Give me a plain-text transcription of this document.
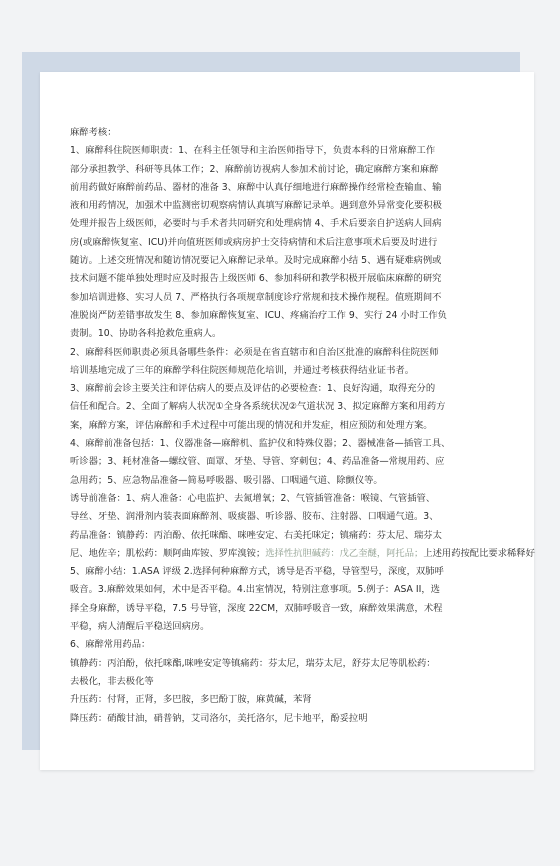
麻醉考核：
1、麻醉科住院医师职责：1、在科主任领导和主治医师指导下，负责本科的日常麻醉工作
部分承担教学、科研等具体工作；2、麻醉前访视病人参加术前讨论，确定麻醉方案和麻醉
前用药做好麻醉前药品、器材的准备 3、麻醉中认真仔细地进行麻醉操作经常检查输血、输
液和用药情况，加强术中监测密切观察病情认真填写麻醉记录单。遇到意外异常变化要积极
处理并报告上级医师，必要时与手术者共同研究和处理病情 4、手术后要亲自护送病人回病
房(或麻醉恢复室、ICU)并向值班医师或病房护士交待病情和术后注意事项术后要及时进行
随访。上述交班情况和随访情况要记入麻醉记录单。及时完成麻醉小结 5、遇有疑难病例或
技术问题不能单独处理时应及时报告上级医师 6、参加科研和教学积极开展临床麻醉的研究
参加培训进修、实习人员 7、严格执行各项规章制度诊疗常规和技术操作规程。值班期间不
准脱岗严防差错事故发生 8、参加麻醉恢复室、ICU、疼痛治疗工作 9、实行 24 小时工作负
责制。10、协助各科抢救危重病人。
2、麻醉科医师职责必须具备哪些条件：必须是在省直辖市和自治区批准的麻醉科住院医师
培训基地完成了三年的麻醉学科住院医师规范化培训，并通过考核获得结业证书者。
3、麻醉前会诊主要关注和评估病人的要点及评估的必要检查：1、良好沟通，取得充分的
信任和配合。2、全面了解病人状况①全身各系统状况②气道状况 3、拟定麻醉方案和用药方
案，麻醉方案，评估麻醉和手术过程中可能出现的情况和并发症，相应预防和处理方案。
4、麻醉前准备包括：1、仪器准备—麻醉机、监护仪和特殊仪器；2、器械准备—插管工具、
听诊器；3、耗材准备—螺纹管、面罩、牙垫、导管、穿刺包；4、药品准备—常规用药、应
急用药；5、应急物品准备—简易呼吸器、吸引器、口咽通气道、除颤仪等。
诱导前准备：1、病人准备：心电监护、去氮增氧；2、气管插管准备：喉镜、气管插管、
导丝、牙垫、润滑剂内装表面麻醉剂、吸痰器、听诊器、胶布、注射器、口咽通气道。3、
药品准备：镇静药：丙泊酚、依托咪酯、咪唑安定、右美托咪定；镇痛药：芬太尼、瑞芬太
尼、地佐辛；肌松药：顺阿曲库铵、罗库溴铵；选择性抗胆碱药：戊乙奎醚，阿托品；上述用药按配比要求稀释好
5、麻醉小结：1.ASA 评级 2.选择何种麻醉方式，诱导是否平稳，导管型号，深度，双肺呼
吸音。3.麻醉效果如何，术中是否平稳。4.出室情况，特别注意事项。5.例子：ASA II，选
择全身麻醉，诱导平稳，7.5 号导管，深度 22CM，双肺呼吸音一致，麻醉效果满意，术程
平稳，病人清醒后平稳送回病房。
6、麻醉常用药品：
镇静药：丙泊酚，依托咪酯,咪唑安定等镇痛药：芬太尼，瑞芬太尼，舒芬太尼等肌松药：
去极化，非去极化等
升压药：付肾，正肾，多巴胺，多巴酚丁胺，麻黄碱，苯肾
降压药：硝酸甘油，硝普钠，艾司洛尔，美托洛尔，尼卡地平，酚妥拉明
